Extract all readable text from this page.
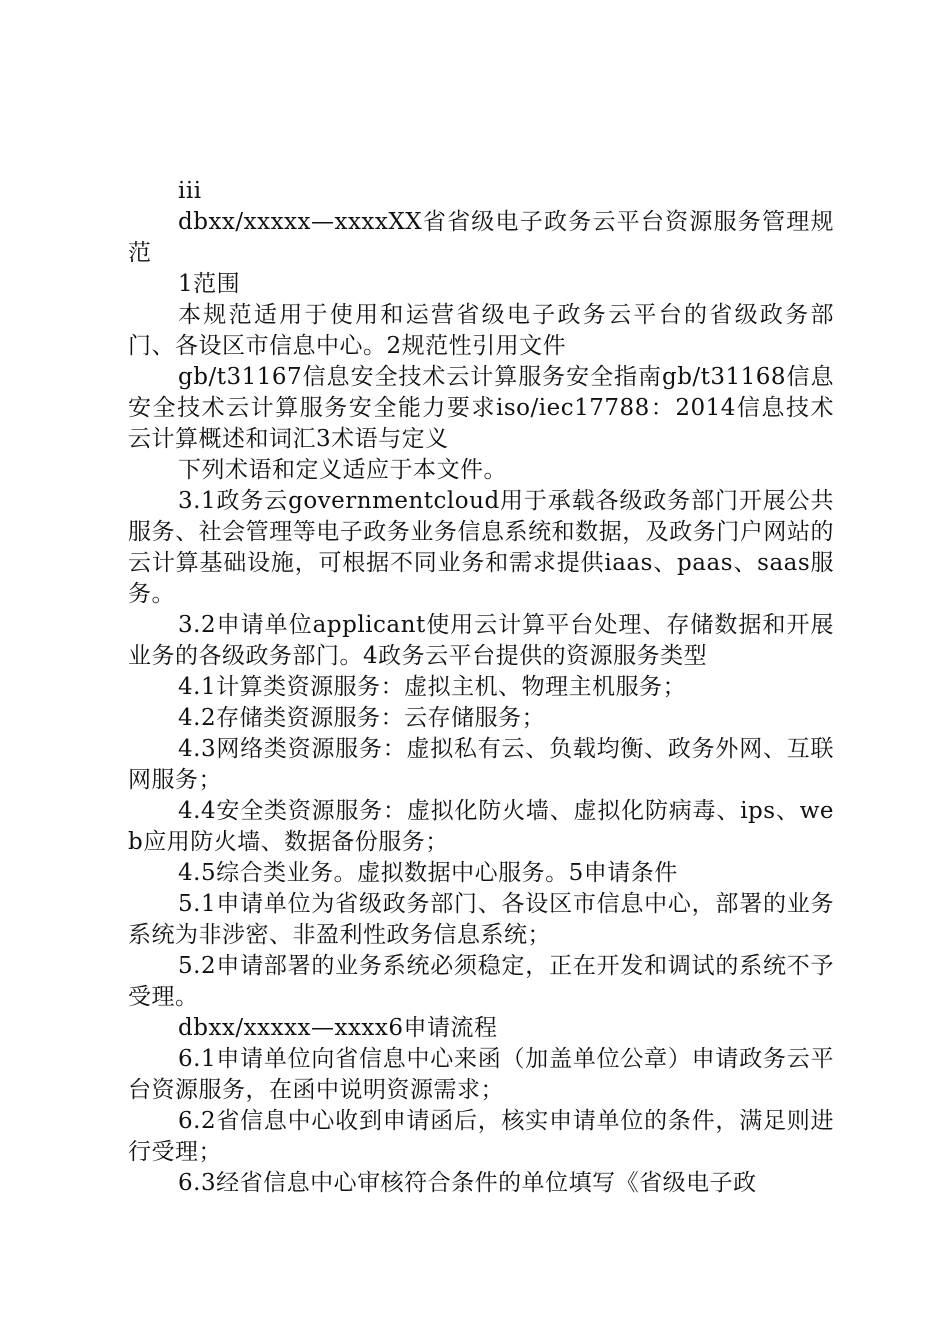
iii

dbxx/xxxxx—xxxxXX省省级电子政务云平台资源服务管理规范

1范围

本规范适用于使用和运营省级电子政务云平台的省级政务部门、各设区市信息中心。2规范性引用文件

gb/t31167信息安全技术云计算服务安全指南gb/t31168信息安全技术云计算服务安全能力要求iso/iec17788：2014信息技术云计算概述和词汇3术语与定义

下列术语和定义适应于本文件。

3.1政务云governmentcloud用于承载各级政务部门开展公共服务、社会管理等电子政务业务信息系统和数据，及政务门户网站的云计算基础设施，可根据不同业务和需求提供iaas、paas、saas服务。

3.2申请单位applicant使用云计算平台处理、存储数据和开展业务的各级政务部门。4政务云平台提供的资源服务类型

4.1计算类资源服务：虚拟主机、物理主机服务；

4.2存储类资源服务：云存储服务；

4.3网络类资源服务：虚拟私有云、负载均衡、政务外网、互联网服务；

4.4安全类资源服务：虚拟化防火墙、虚拟化防病毒、ips、web应用防火墙、数据备份服务；

4.5综合类业务。虚拟数据中心服务。5申请条件

5.1申请单位为省级政务部门、各设区市信息中心，部署的业务系统为非涉密、非盈利性政务信息系统；

5.2申请部署的业务系统必须稳定，正在开发和调试的系统不予受理。

dbxx/xxxxx—xxxx6申请流程

6.1申请单位向省信息中心来函（加盖单位公章）申请政务云平台资源服务，在函中说明资源需求；

6.2省信息中心收到申请函后，核实申请单位的条件，满足则进行受理；

6.3经省信息中心审核符合条件的单位填写《省级电子政
